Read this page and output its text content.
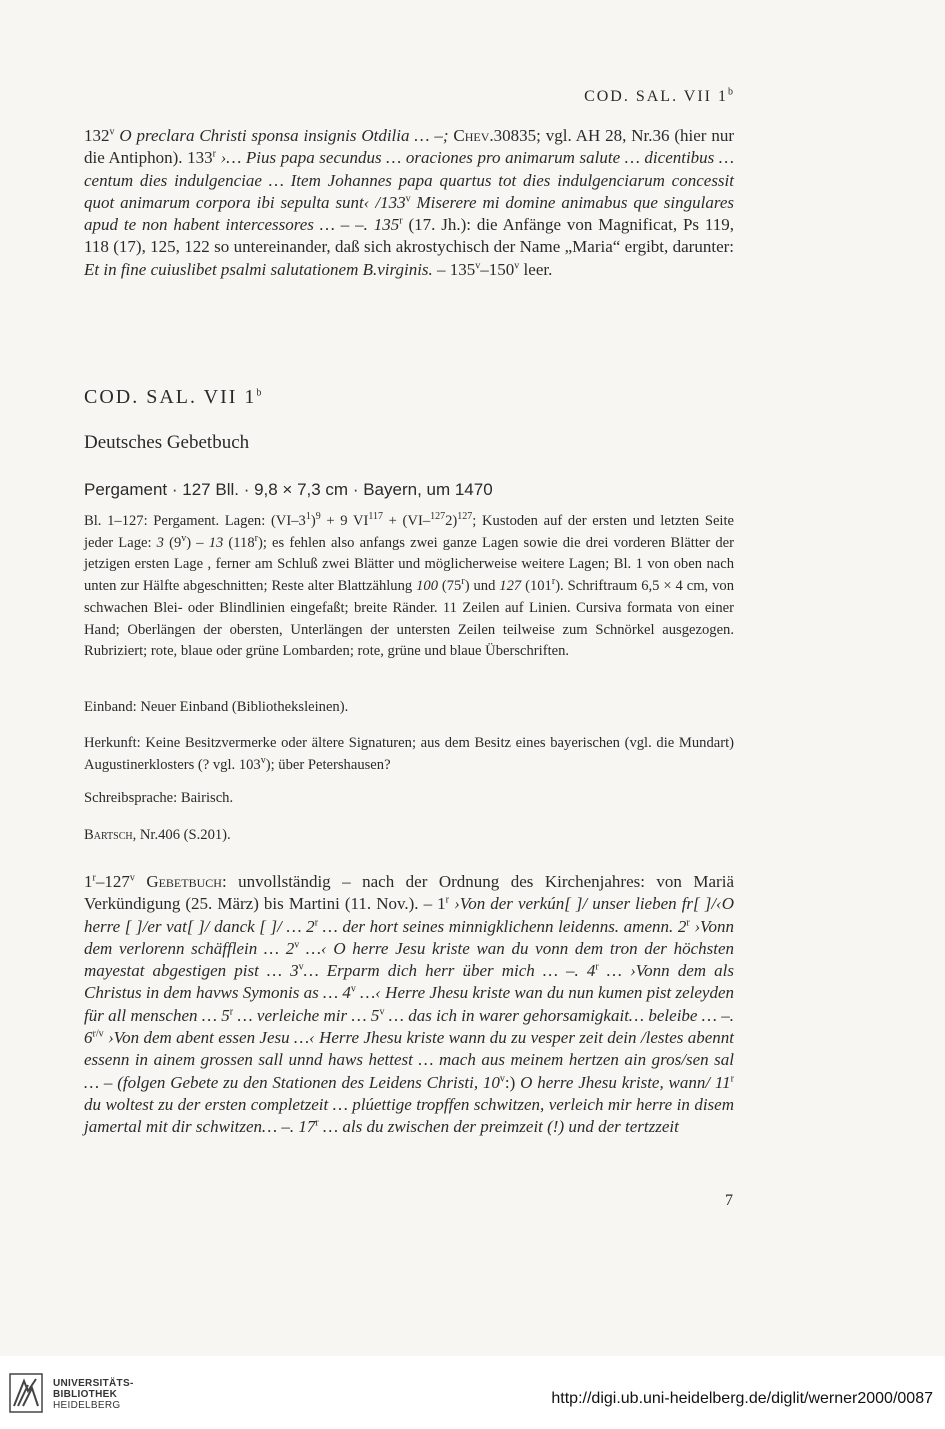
COD. SAL. VII 1$^b$
132$^v$ O preclara Christi sponsa insignis Otdilia … –; Chev.30835; vgl. AH 28, Nr.36 (hier nur die Antiphon). 133$^r$ ›… Pius papa secundus … oraciones pro animarum salute … dicentibus … centum dies indulgenciae … Item Johannes papa quartus tot dies indulgenciarum concessit quot animarum corpora ibi sepulta sunt‹ /133$^v$ Miserere mi domine animabus que singulares apud te non habent intercessores … – –. 135$^r$ (17. Jh.): die Anfänge von Magnificat, Ps 119, 118 (17), 125, 122 so untereinander, daß sich akrostychisch der Name „Maria“ ergibt, darunter: Et in fine cuiuslibet psalmi salutationem B.virginis. – 135$^v$–150$^v$ leer.
COD. SAL. VII 1$^b$
Deutsches Gebetbuch
Pergament · 127 Bll. · 9,8 × 7,3 cm · Bayern, um 1470
Bl. 1–127: Pergament. Lagen: $(VI-3^1)^9 + 9$ $VI^{117} + (VI-^{127}2)^{127}$; Kustoden auf der ersten und letzten Seite jeder Lage: 3 (9$^v$) – 13 (118$^r$); es fehlen also anfangs zwei ganze Lagen sowie die drei vorderen Blätter der jetzigen ersten Lage , ferner am Schluß zwei Blätter und möglicherweise weitere Lagen; Bl. 1 von oben nach unten zur Hälfte abgeschnitten; Reste alter Blattzählung 100 (75$^r$) und 127 (101$^r$). Schriftraum 6,5 × 4 cm, von schwachen Blei- oder Blindlinien eingefaßt; breite Ränder. 11 Zeilen auf Linien. Cursiva formata von einer Hand; Oberlängen der obersten, Unterlängen der untersten Zeilen teilweise zum Schnörkel ausgezogen. Rubriziert; rote, blaue oder grüne Lombarden; rote, grüne und blaue Überschriften.
Einband: Neuer Einband (Bibliotheksleinen).
Herkunft: Keine Besitzvermerke oder ältere Signaturen; aus dem Besitz eines bayerischen (vgl. die Mundart) Augustinerklosters (? vgl. 103$^v$); über Petershausen?
Schreibsprache: Bairisch.
Bartsch, Nr.406 (S.201).
1$^r$–127$^v$ Gebetbuch: unvollständig – nach der Ordnung des Kirchenjahres: von Mariä Verkündigung (25. März) bis Martini (11. Nov.). – 1$^r$ ›Von der verkún[ ]/ unser lieben fr[ ]/‹O herre [ ]/er vat[ ]/ danck [ ]/ … 2$^r$ … der hort seines minnigklichenn leidenns. amenn. 2$^r$ ›Vonn dem verlorenn schäfflein … 2$^v$ …‹ O herre Jesu kriste wan du vonn dem tron der höchsten mayestat abgestigen pist … 3$^v$… Erparm dich herr über mich … –. 4$^r$ … ›Vonn dem als Christus in dem havws Symonis as … 4$^v$ …‹ Herre Jhesu kriste wan du nun kumen pist zeleyden für all menschen … 5$^r$ … verleiche mir … 5$^v$ … das ich in warer gehorsamigkait… beleibe … –. $6^{r/v}$ ›Von dem abent essen Jesu …‹ Herre Jhesu kriste wann du zu vesper zeit dein /lestes abennt essenn in ainem grossen sall unnd haws hettest … mach aus meinem hertzen ain gros/sen sal … – (folgen Gebete zu den Stationen des Leidens Christi, 10$^v$:) O herre Jhesu kriste, wann/ 11$^r$ du woltest zu der ersten completzeit … plúettige tropffen schwitzen, verleich mir herre in disem jamertal mit dir schwitzen… –. 17$^r$ … als du zwischen der preimzeit (!) und der tertzzeit
7
UNIVERSITÄTS-
BIBLIOTHEK
HEIDELBERG	http://digi.ub.uni-heidelberg.de/diglit/werner2000/0087
